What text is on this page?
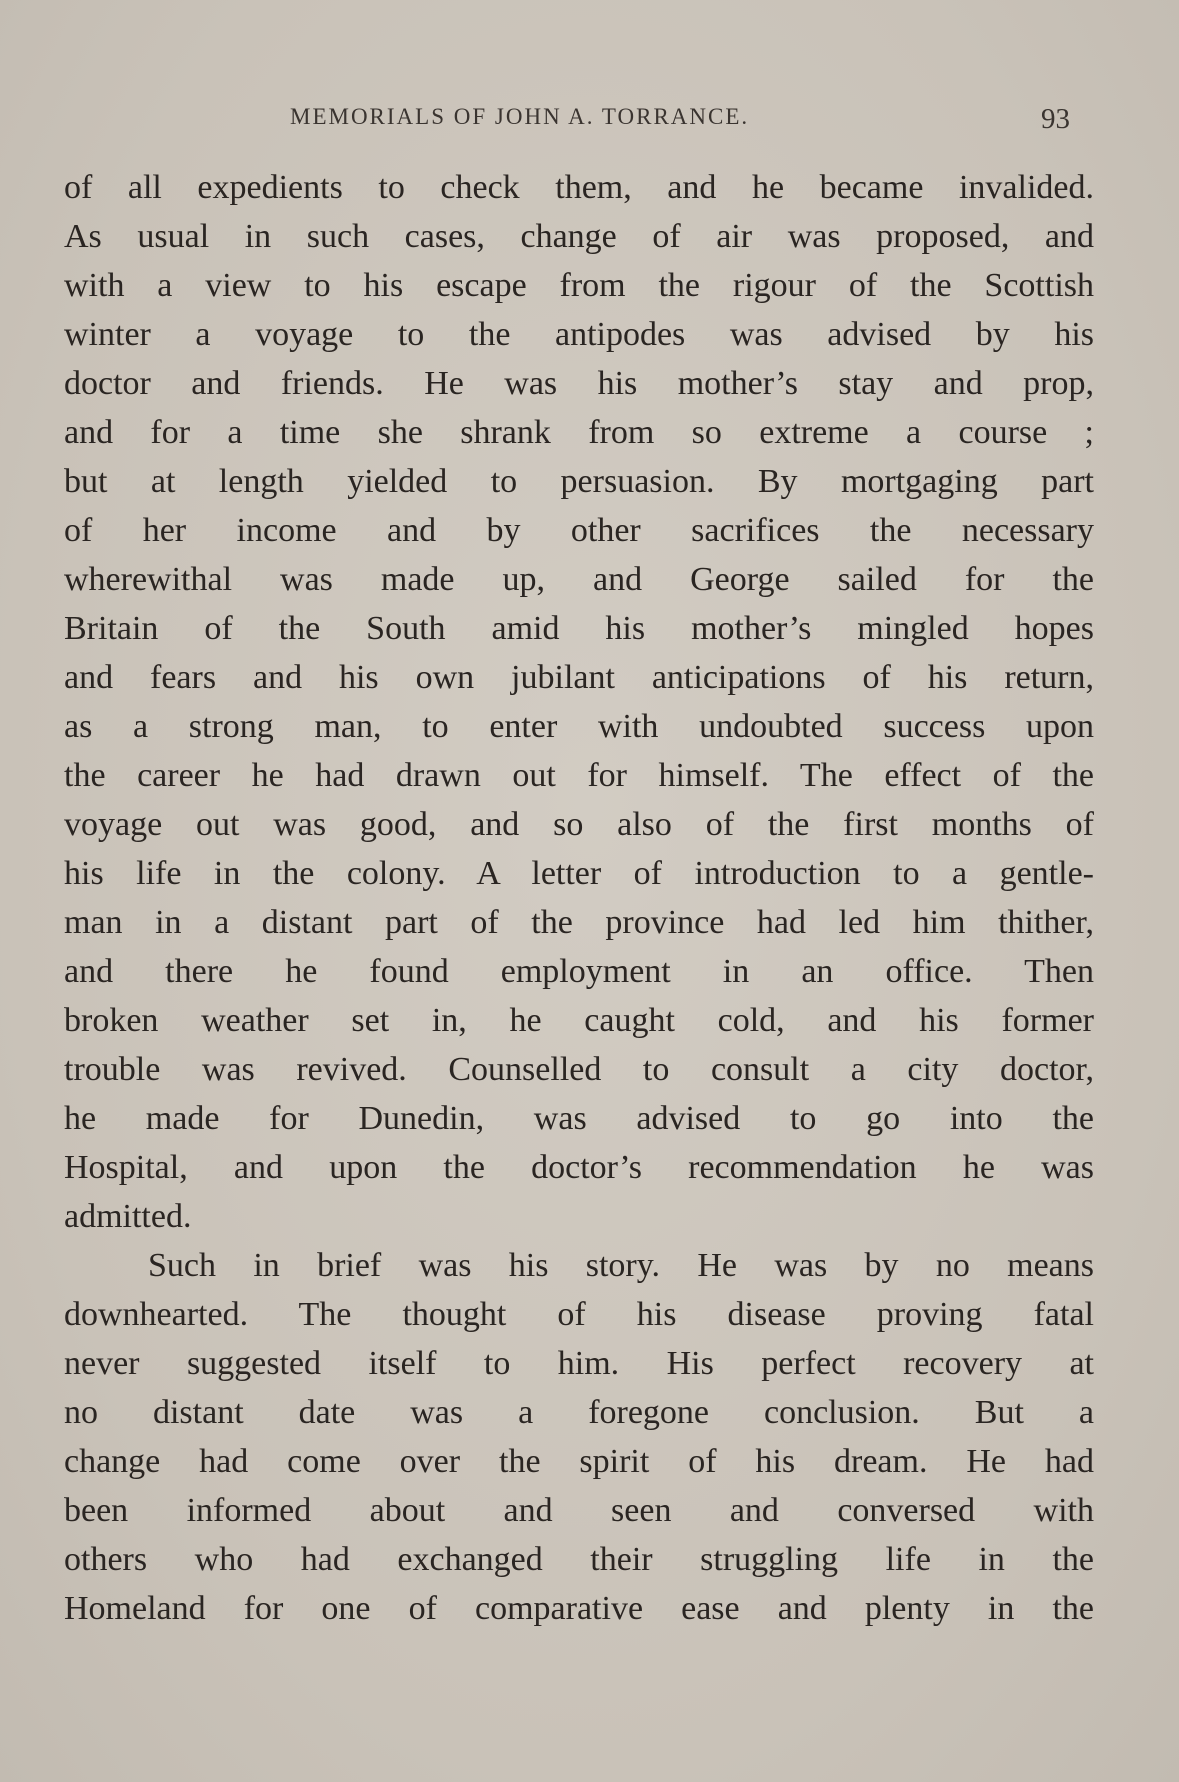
MEMORIALS OF JOHN A. TORRANCE.	93
of all expedients to check them, and he became invalided.
As usual in such cases, change of air was proposed, and
with a view to his escape from the rigour of the Scottish
winter a voyage to the antipodes was advised by his
doctor and friends. He was his mother’s stay and prop,
and for a time she shrank from so extreme a course ;
but at length yielded to persuasion. By mortgaging part
of her income and by other sacrifices the necessary
wherewithal was made up, and George sailed for the
Britain of the South amid his mother’s mingled hopes
and fears and his own jubilant anticipations of his return,
as a strong man, to enter with undoubted success upon
the career he had drawn out for himself. The effect of the
voyage out was good, and so also of the first months of
his life in the colony. A letter of introduction to a gentle-
man in a distant part of the province had led him thither,
and there he found employment in an office. Then
broken weather set in, he caught cold, and his former
trouble was revived. Counselled to consult a city doctor,
he made for Dunedin, was advised to go into the
Hospital, and upon the doctor’s recommendation he was
admitted.
Such in brief was his story. He was by no means
downhearted. The thought of his disease proving fatal
never suggested itself to him. His perfect recovery at
no distant date was a foregone conclusion. But a
change had come over the spirit of his dream. He had
been informed about and seen and conversed with
others who had exchanged their struggling life in the
Homeland for one of comparative ease and plenty in the
